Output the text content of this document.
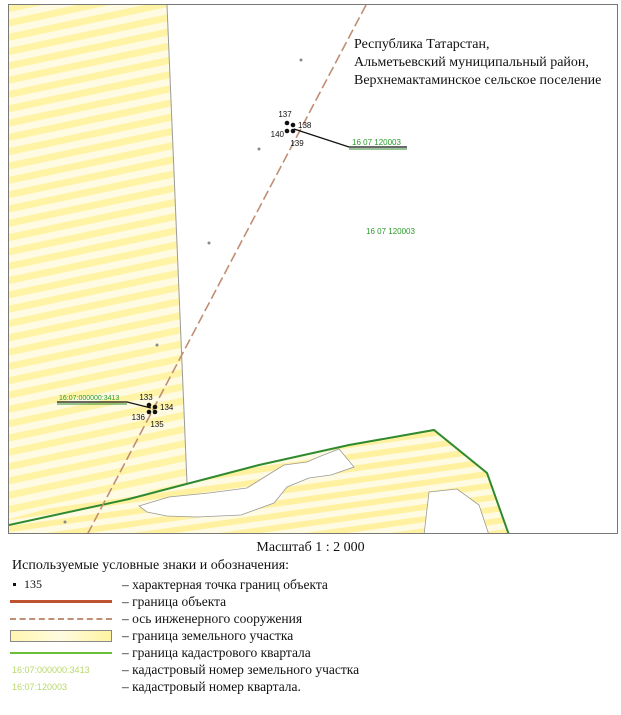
137
138
140
139	16 07 120003
16 07 120003
133
134
136
135
16:07:000000:3413

Республика Татарстан,
Альметьевский муниципальный район,
Верхнемактаминское сельское поселение

Масштаб 1 : 2 000
Используемые условные знаки и обозначения:
135	– характерная точка границ объекта
– граница объекта
– ось инженерного сооружения
– граница земельного участка
– граница кадастрового квартала
16:07:000000:3413 – кадастровый номер земельного участка
16:07:120003	– кадастровый номер квартала.
